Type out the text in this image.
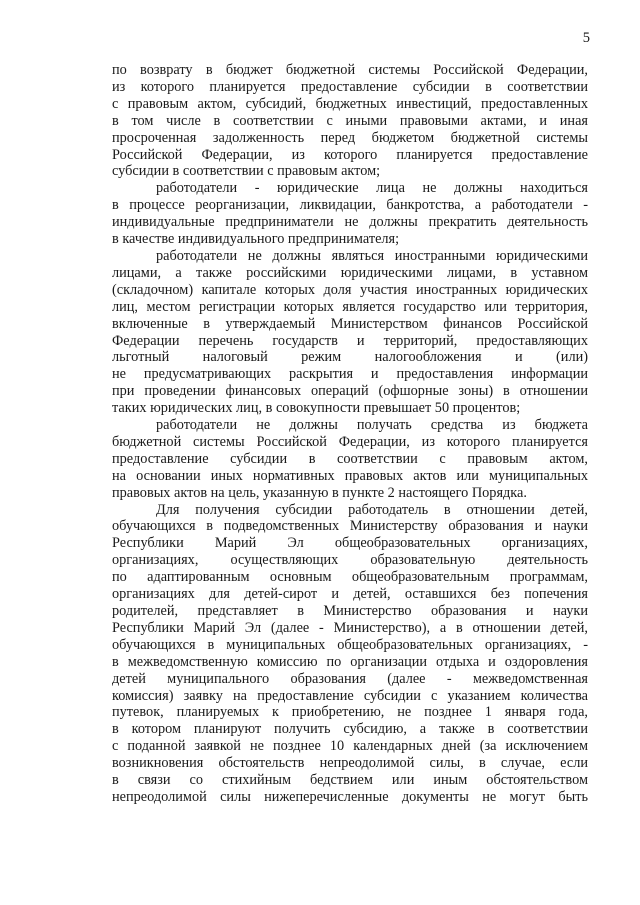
5

по возврату в бюджет бюджетной системы Российской Федерации,
из которого планируется предоставление субсидии в соответствии
с правовым актом, субсидий, бюджетных инвестиций, предоставленных
в том числе в соответствии с иными правовыми актами, и иная
просроченная задолженность перед бюджетом бюджетной системы
Российской Федерации, из которого планируется предоставление
субсидии в соответствии с правовым актом;

работодатели - юридические лица не должны находиться
в процессе реорганизации, ликвидации, банкротства, а работодатели -
индивидуальные предприниматели не должны прекратить деятельность
в качестве индивидуального предпринимателя;

работодатели не должны являться иностранными юридическими
лицами, а также российскими юридическими лицами, в уставном
(складочном) капитале которых доля участия иностранных юридических
лиц, местом регистрации которых является государство или территория,
включенные в утверждаемый Министерством финансов Российской
Федерации перечень государств и территорий, предоставляющих
льготный налоговый режим налогообложения и (или)
не предусматривающих раскрытия и предоставления информации
при проведении финансовых операций (офшорные зоны) в отношении
таких юридических лиц, в совокупности превышает 50 процентов;

работодатели не должны получать средства из бюджета
бюджетной системы Российской Федерации, из которого планируется
предоставление субсидии в соответствии с правовым актом,
на основании иных нормативных правовых актов или муниципальных
правовых актов на цель, указанную в пункте 2 настоящего Порядка.

Для получения субсидии работодатель в отношении детей,
обучающихся в подведомственных Министерству образования и науки
Республики Марий Эл общеобразовательных организациях,
организациях, осуществляющих образовательную деятельность
по адаптированным основным общеобразовательным программам,
организациях для детей-сирот и детей, оставшихся без попечения
родителей, представляет в Министерство образования и науки
Республики Марий Эл (далее - Министерство), а в отношении детей,
обучающихся в муниципальных общеобразовательных организациях, -
в межведомственную комиссию по организации отдыха и оздоровления
детей муниципального образования (далее - межведомственная
комиссия) заявку на предоставление субсидии с указанием количества
путевок, планируемых к приобретению, не позднее 1 января года,
в котором планируют получить субсидию, а также в соответствии
с поданной заявкой не позднее 10 календарных дней (за исключением
возникновения обстоятельств непреодолимой силы, в случае, если
в связи со стихийным бедствием или иным обстоятельством
непреодолимой силы нижеперечисленные документы не могут быть
